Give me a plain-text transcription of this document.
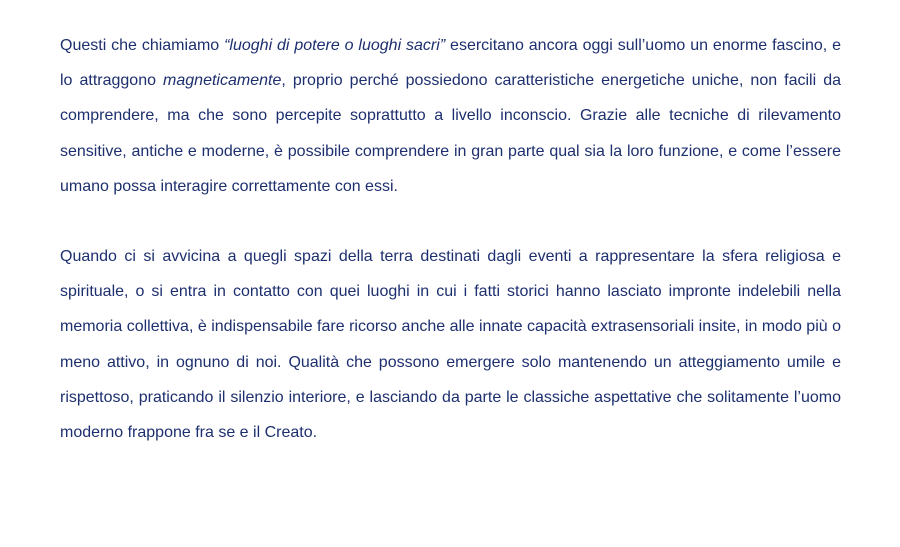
Questi che chiamiamo “luoghi di potere o luoghi sacri” esercitano ancora oggi sull’uomo un enorme fascino, e lo attraggono magneticamente, proprio perché possiedono caratteristiche energetiche uniche, non facili da comprendere, ma che sono percepite soprattutto a livello inconscio. Grazie alle tecniche di rilevamento sensitive, antiche e moderne, è possibile comprendere in gran parte qual sia la loro funzione, e come l’essere umano possa interagire correttamente con essi.

Quando ci si avvicina a quegli spazi della terra destinati dagli eventi a rappresentare la sfera religiosa e spirituale, o si entra in contatto con quei luoghi in cui i fatti storici hanno lasciato impronte indelebili nella memoria collettiva, è indispensabile fare ricorso anche alle innate capacità extrasensoriali insite, in modo più o meno attivo, in ognuno di noi. Qualità che possono emergere solo mantenendo un atteggiamento umile e rispettoso, praticando il silenzio interiore, e lasciando da parte le classiche aspettative che solitamente l’uomo moderno frappone fra se e il Creato.
